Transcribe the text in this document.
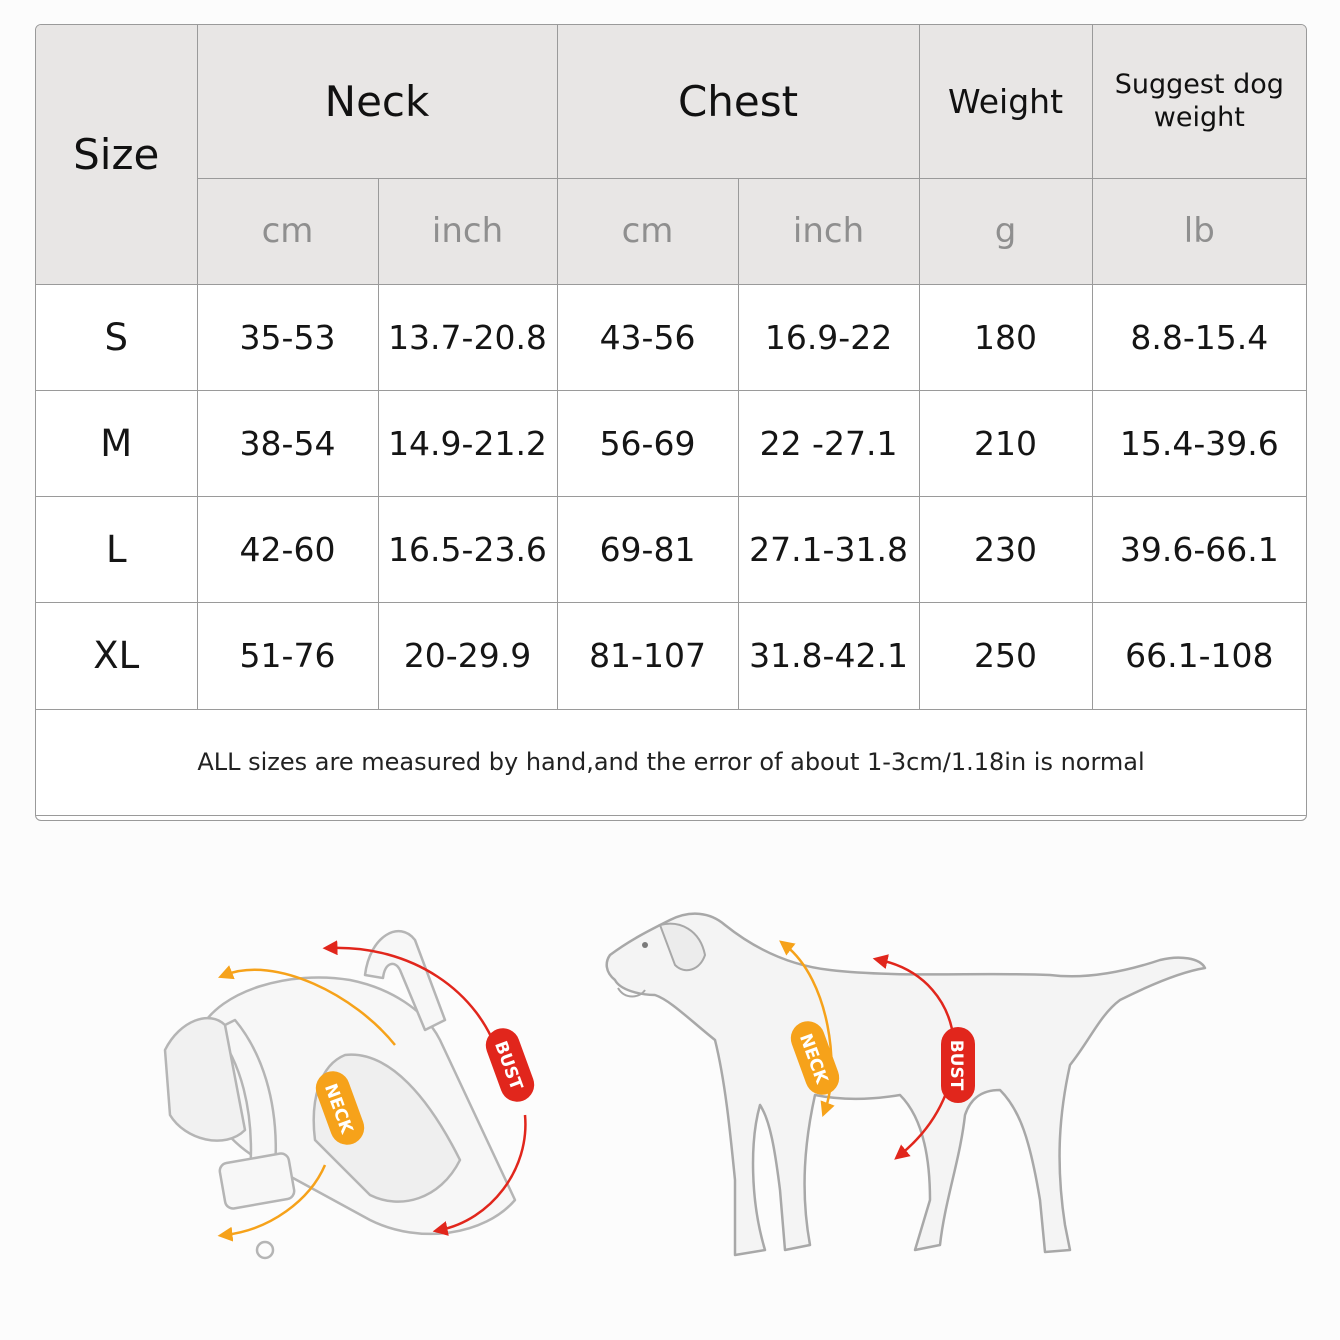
Size	Neck		Chest		Weight	Suggest dog
weight

	cm	inch	cm	inch	g	lb
S	35-53	13.7-20.8	43-56	16.9-22	180	8.8-15.4
M	38-54	14.9-21.2	56-69	22 -27.1	210	15.4-39.6
L	42-60	16.5-23.6	69-81	27.1-31.8	230	39.6-66.1
XL	51-76	20-29.9	81-107	31.8-42.1	250	66.1-108
ALL sizes are measured by hand,and the error of about 1-3cm/1.18in is normal						
NECK
BUST	NECK	BUST
